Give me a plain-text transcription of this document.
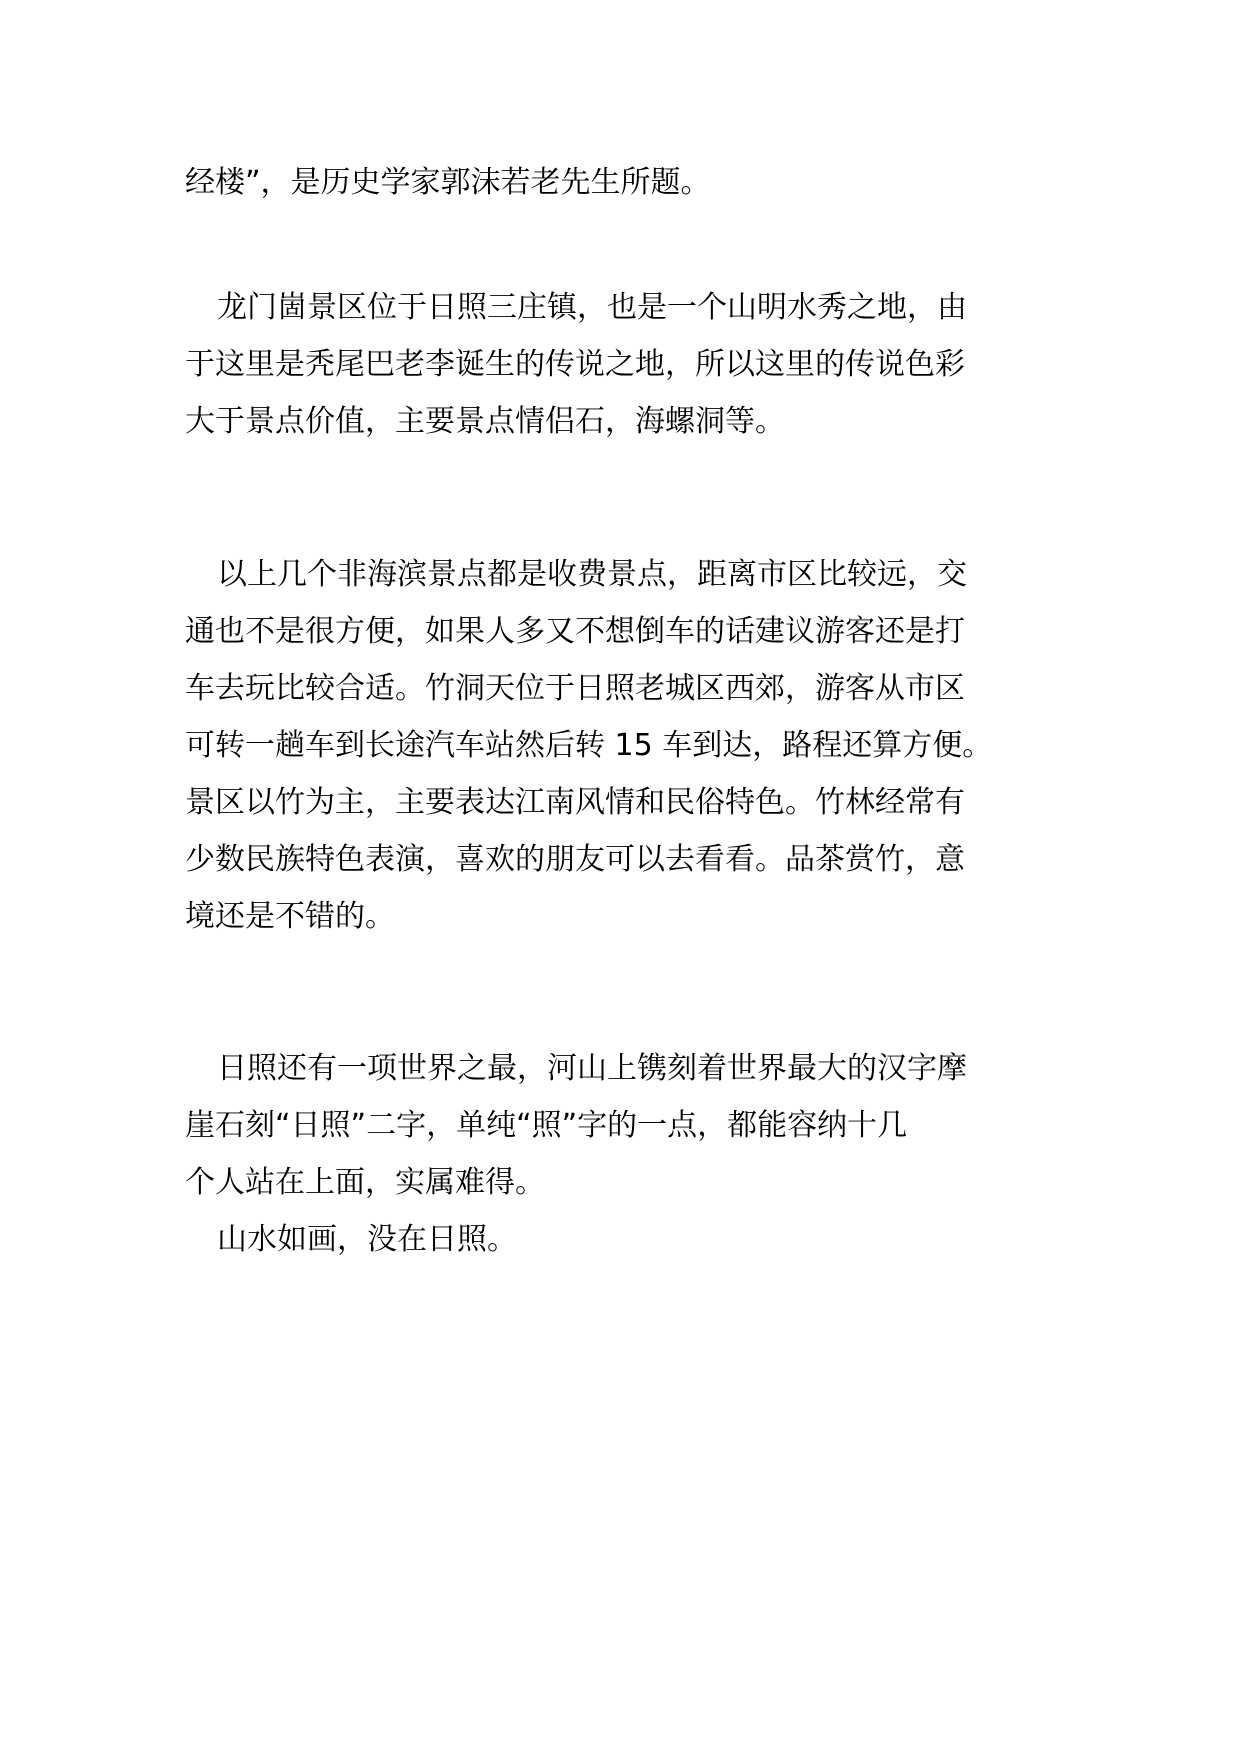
经楼”，是历史学家郭沫若老先生所题。

龙门崮景区位于日照三庄镇，也是一个山明水秀之地，由

于这里是秃尾巴老李诞生的传说之地，所以这里的传说色彩

大于景点价值，主要景点情侣石，海螺洞等。

以上几个非海滨景点都是收费景点，距离市区比较远，交

通也不是很方便，如果人多又不想倒车的话建议游客还是打

车去玩比较合适。竹洞天位于日照老城区西郊，游客从市区

可转一趟车到长途汽车站然后转 15 车到达，路程还算方便。

景区以竹为主，主要表达江南风情和民俗特色。竹林经常有

少数民族特色表演，喜欢的朋友可以去看看。品茶赏竹，意

境还是不错的。

日照还有一项世界之最，河山上镌刻着世界最大的汉字摩

崖石刻“日照”二字，单纯“照”字的一点，都能容纳十几

个人站在上面，实属难得。

山水如画，没在日照。
